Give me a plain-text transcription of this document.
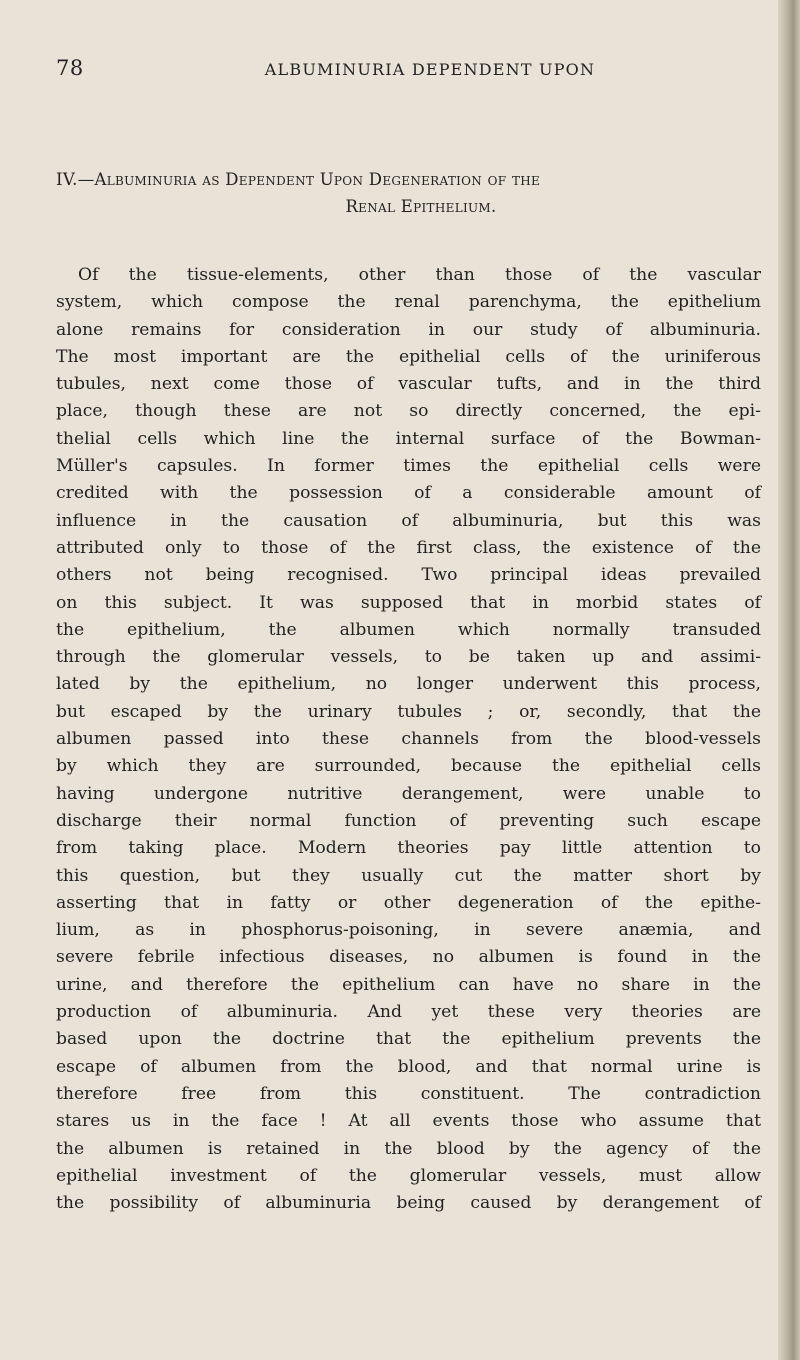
78	ALBUMINURIA DEPENDENT UPON
IV.—Albuminuria as Dependent Upon Degeneration of the
Renal Epithelium.
Of the tissue-elements, other than those of the vascular
system, which compose the renal parenchyma, the epithelium
alone remains for consideration in our study of albuminuria.
The most important are the epithelial cells of the uriniferous
tubules, next come those of vascular tufts, and in the third
place, though these are not so directly concerned, the epi-
thelial cells which line the internal surface of the Bowman-
Müller's capsules. In former times the epithelial cells were
credited with the possession of a considerable amount of
influence in the causation of albuminuria, but this was
attributed only to those of the first class, the existence of the
others not being recognised. Two principal ideas prevailed
on this subject. It was supposed that in morbid states of
the epithelium, the albumen which normally transuded
through the glomerular vessels, to be taken up and assimi-
lated by the epithelium, no longer underwent this process,
but escaped by the urinary tubules ; or, secondly, that the
albumen passed into these channels from the blood-vessels
by which they are surrounded, because the epithelial cells
having undergone nutritive derangement, were unable to
discharge their normal function of preventing such escape
from taking place. Modern theories pay little attention to
this question, but they usually cut the matter short by
asserting that in fatty or other degeneration of the epithe-
lium, as in phosphorus-poisoning, in severe anæmia, and
severe febrile infectious diseases, no albumen is found in the
urine, and therefore the epithelium can have no share in the
production of albuminuria. And yet these very theories are
based upon the doctrine that the epithelium prevents the
escape of albumen from the blood, and that normal urine is
therefore free from this constituent. The contradiction
stares us in the face ! At all events those who assume that
the albumen is retained in the blood by the agency of the
epithelial investment of the glomerular vessels, must allow
the possibility of albuminuria being caused by derangement of
